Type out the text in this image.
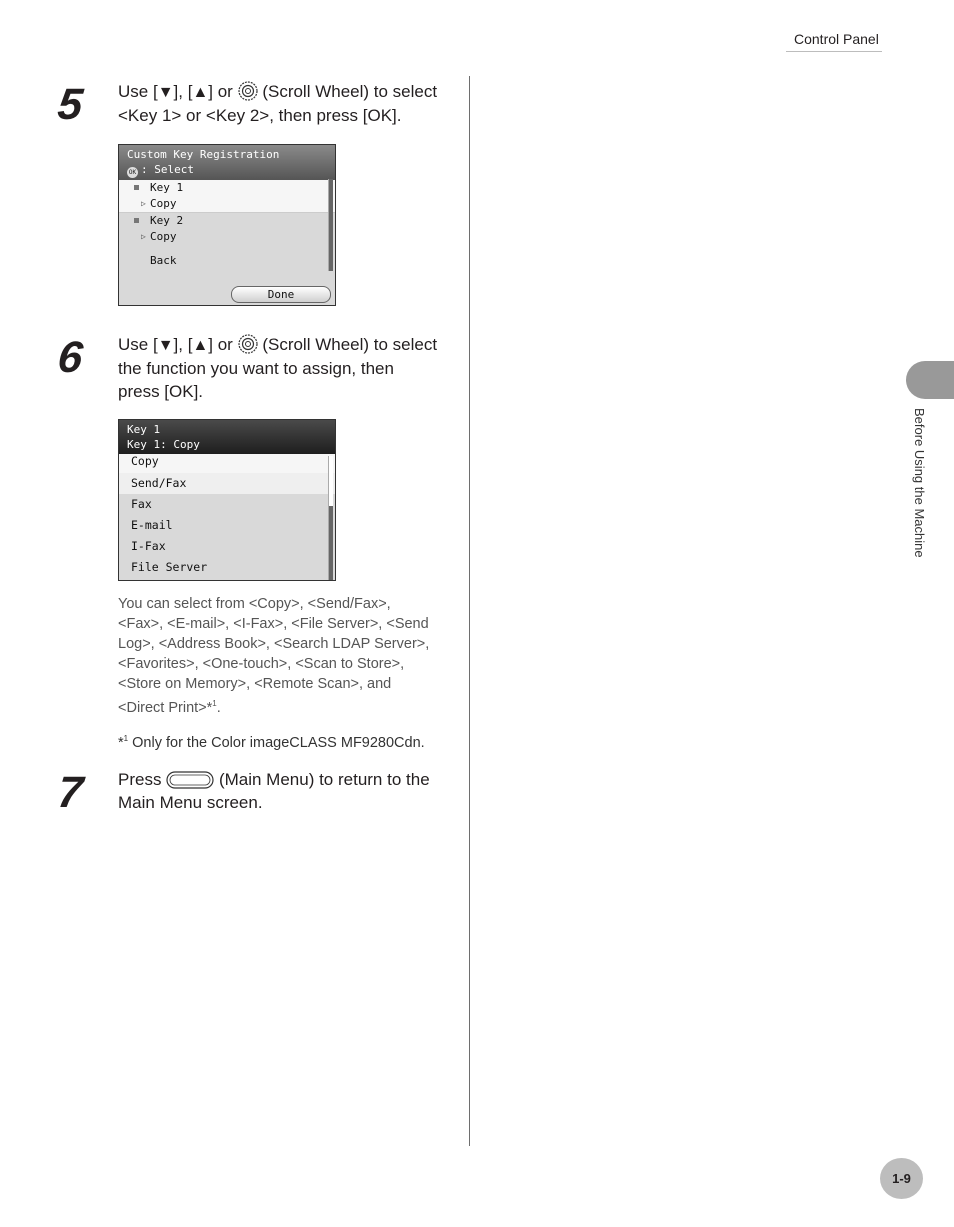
Control Panel
5 Use [▼], [▲] or (Scroll Wheel) to select
<Key 1> or <Key 2>, then press [OK].
Custom Key Registration
OK : Select
Key 1
▷ Copy
Key 2
▷ Copy
Back
Done
6 Use [▼], [▲] or (Scroll Wheel) to select
the function you want to assign, then
press [OK].
Key 1
Key 1: Copy
Copy
Send/Fax
Fax
E-mail
I-Fax
File Server
You can select from <Copy>, <Send/Fax>,
<Fax>, <E-mail>, <I-Fax>, <File Server>, <Send
Log>, <Address Book>, <Search LDAP Server>,
<Favorites>, <One-touch>, <Scan to Store>,
<Store on Memory>, <Remote Scan>, and
<Direct Print>*$^1$.
*$^1$ Only for the Color imageCLASS MF9280Cdn.
7 Press	(Main Menu) to return to the
Main Menu screen.
Before Using the Machine
1-9
